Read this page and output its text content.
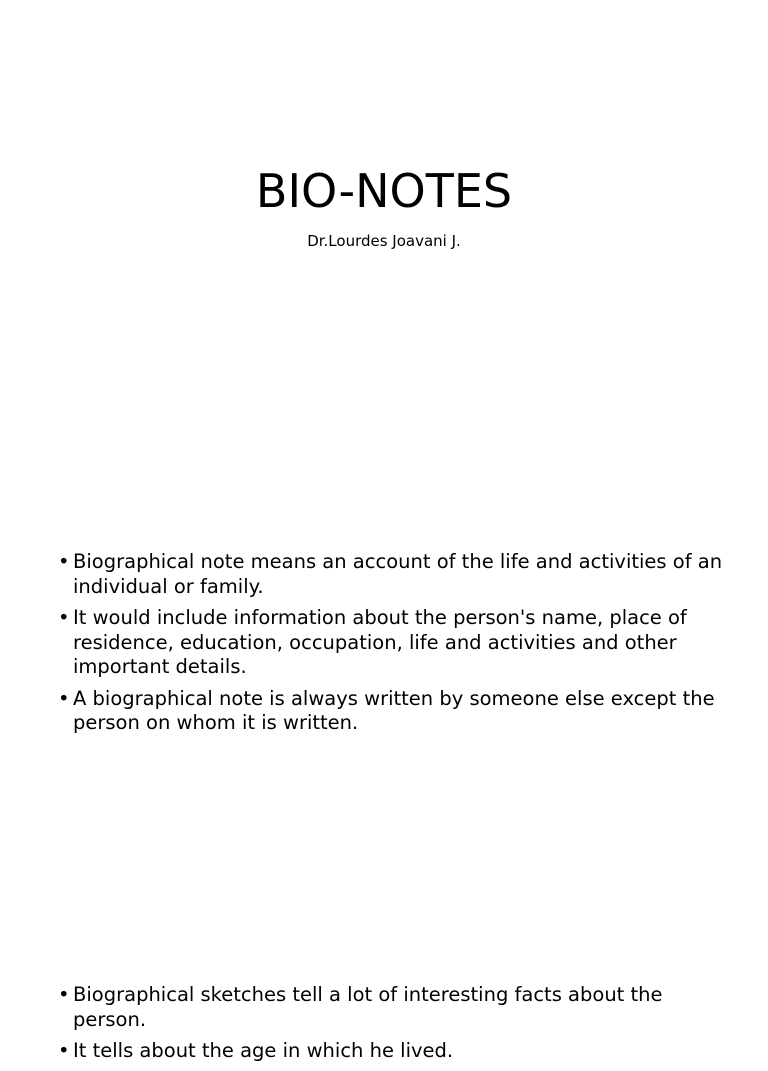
BIO-NOTES

Dr.Lourdes Joavani J.

• Biographical note means an account of the life and activities of an individual or family.
• It would include information about the person's name, place of residence, education, occupation, life and activities and other important details.
• A biographical note is always written by someone else except the person on whom it is written.
• Biographical sketches tell a lot of interesting facts about the person.
• It tells about the age in which he lived.
